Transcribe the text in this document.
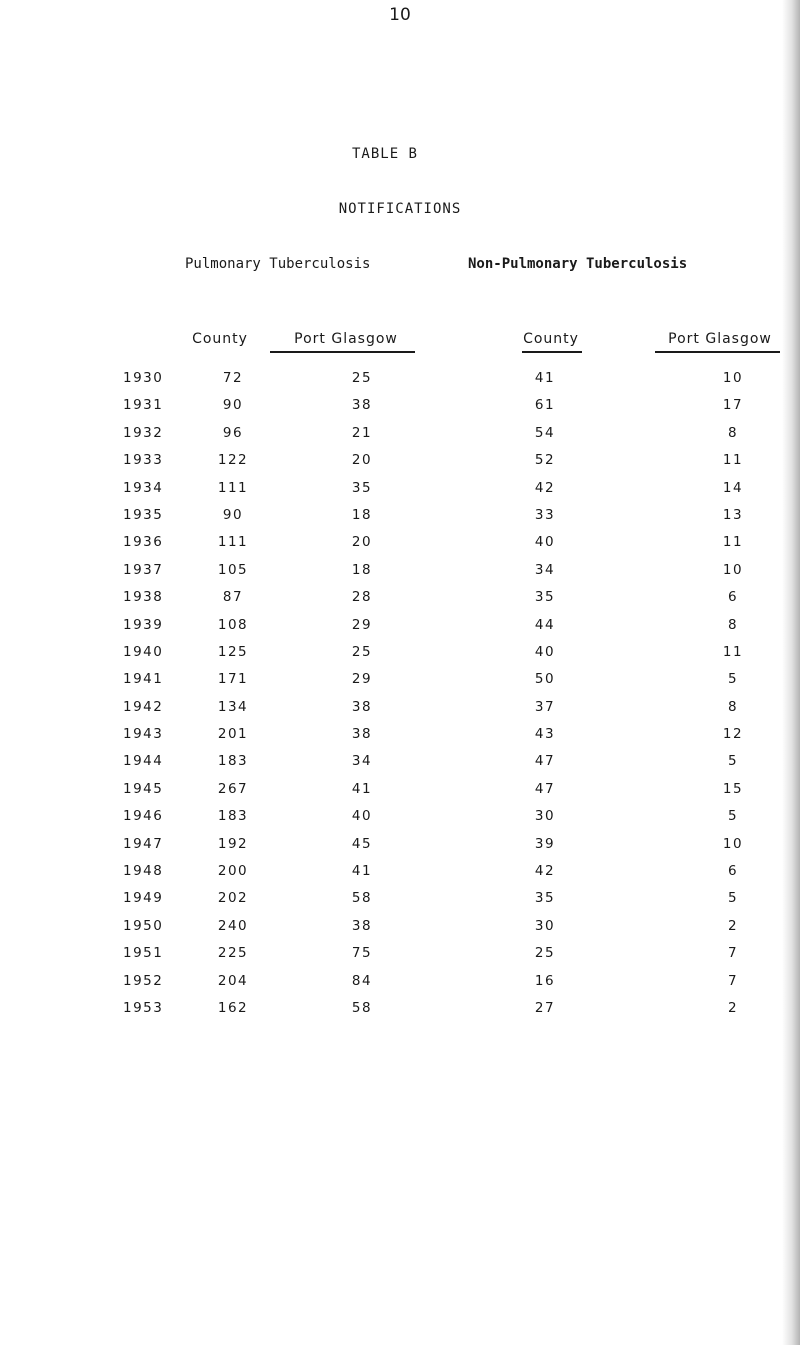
10
TABLE B
NOTIFICATIONS
Pulmonary Tuberculosis	Non-Pulmonary Tuberculosis
County	Port Glasgow	County	Port Glasgow
1930	72	25	41	10
1931	90	38	61	17
1932	96	21	54	8
1933	122	20	52	11
1934	111	35	42	14
1935	90	18	33	13
1936	111	20	40	11
1937	105	18	34	10
1938	87	28	35	6
1939	108	29	44	8
1940	125	25	40	11
1941	171	29	50	5
1942	134	38	37	8
1943	201	38	43	12
1944	183	34	47	5
1945	267	41	47	15
1946	183	40	30	5
1947	192	45	39	10
1948	200	41	42	6
1949	202	58	35	5
1950	240	38	30	2
1951	225	75	25	7
1952	204	84	16	7
1953	162	58	27	2
